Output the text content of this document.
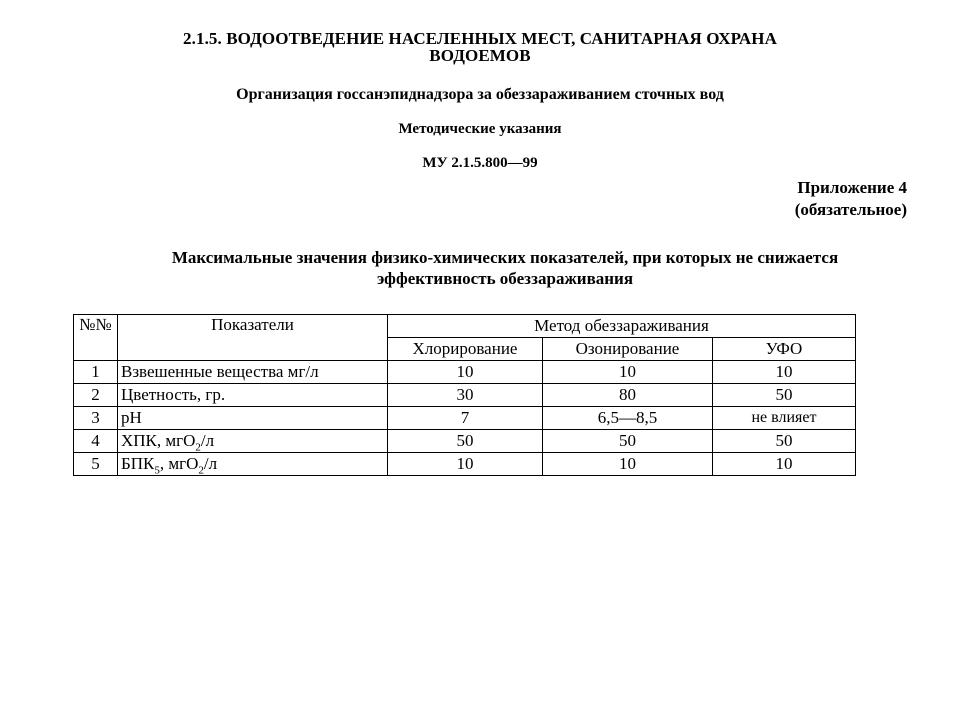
2.1.5. ВОДООТВЕДЕНИЕ НАСЕЛЕННЫХ МЕСТ, САНИТАРНАЯ ОХРАНА ВОДОЕМОВ
Организация госсанэпиднадзора за обеззараживанием сточных вод
Методические указания
МУ 2.1.5.800—99
Приложение 4
(обязательное)
Максимальные значения физико-химических показателей, при которых не снижается
эффективность обеззараживания
№№	Показатели	Метод обеззараживания		
		Хлорирование	Озонирование	УФО
1	Взвешенные вещества мг/л	10	10	10
2	Цветность, гр.	30	80	50
3	рН	7	6,5—8,5	не влияет
4	ХПК, мгО$_2$/л	50	50	50
5	$БПК_5$, мгО$_2$/л	10	10	10
